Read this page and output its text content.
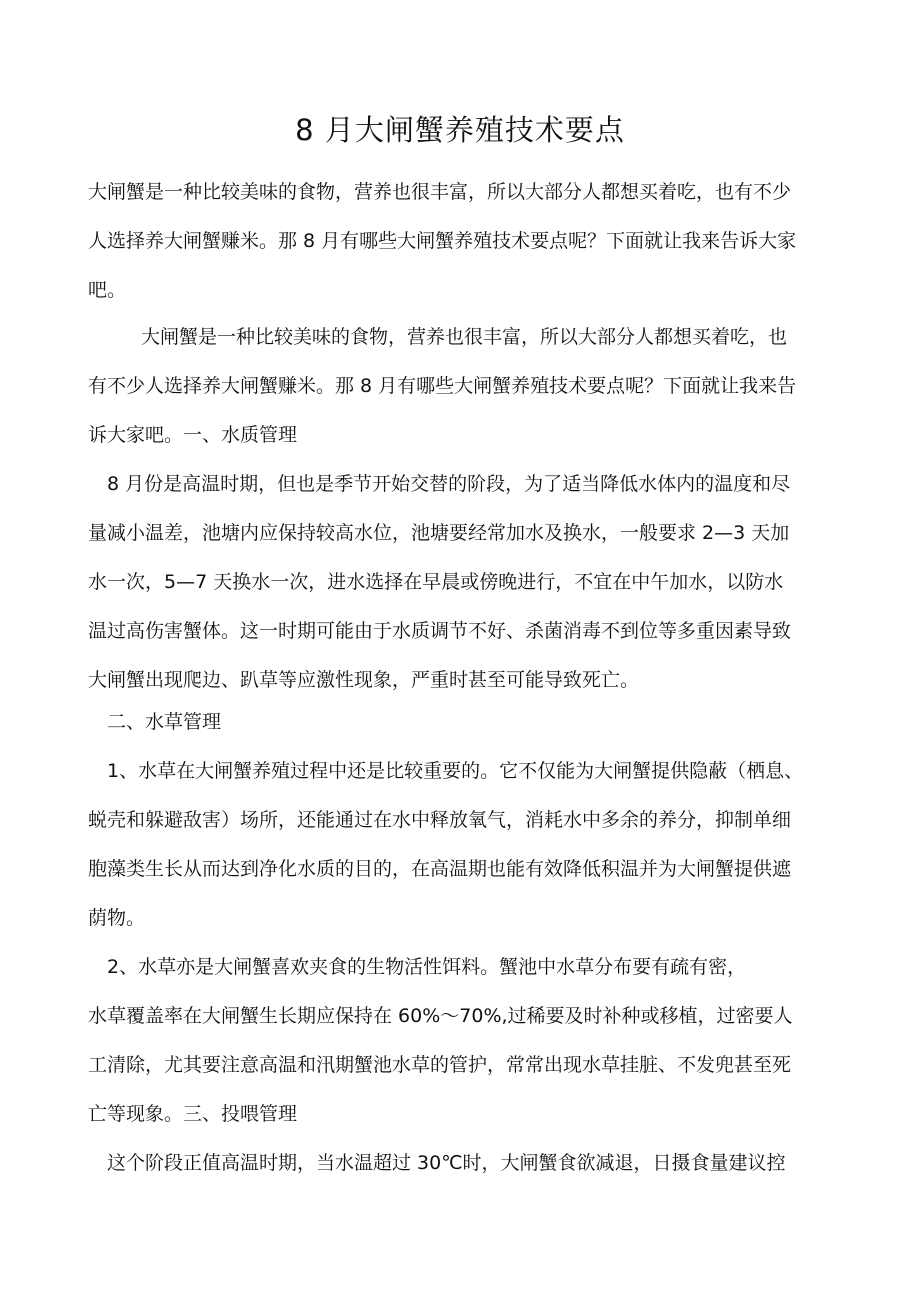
8 月大闸蟹养殖技术要点
大闸蟹是一种比较美味的食物，营养也很丰富，所以大部分人都想买着吃，也有不少
人选择养大闸蟹赚米。那 8 月有哪些大闸蟹养殖技术要点呢？下面就让我来告诉大家
吧。
大闸蟹是一种比较美味的食物，营养也很丰富，所以大部分人都想买着吃，也
有不少人选择养大闸蟹赚米。那 8 月有哪些大闸蟹养殖技术要点呢？下面就让我来告
诉大家吧。一、水质管理
8 月份是高温时期，但也是季节开始交替的阶段，为了适当降低水体内的温度和尽
量减小温差，池塘内应保持较高水位，池塘要经常加水及换水，一般要求 2—3 天加
水一次，5—7 天换水一次，进水选择在早晨或傍晚进行，不宜在中午加水，以防水
温过高伤害蟹体。这一时期可能由于水质调节不好、杀菌消毒不到位等多重因素导致
大闸蟹出现爬边、趴草等应激性现象，严重时甚至可能导致死亡。
二、水草管理
1、水草在大闸蟹养殖过程中还是比较重要的。它不仅能为大闸蟹提供隐蔽（栖息、
蜕壳和躲避敌害）场所，还能通过在水中释放氧气，消耗水中多余的养分，抑制单细
胞藻类生长从而达到净化水质的目的，在高温期也能有效降低积温并为大闸蟹提供遮
荫物。
2、水草亦是大闸蟹喜欢夹食的生物活性饵料。蟹池中水草分布要有疏有密，
水草覆盖率在大闸蟹生长期应保持在 60%～70%,过稀要及时补种或移植，过密要人
工清除，尤其要注意高温和汛期蟹池水草的管护，常常出现水草挂脏、不发兜甚至死
亡等现象。三、投喂管理
这个阶段正值高温时期，当水温超过 30℃时，大闸蟹食欲减退，日摄食量建议控
